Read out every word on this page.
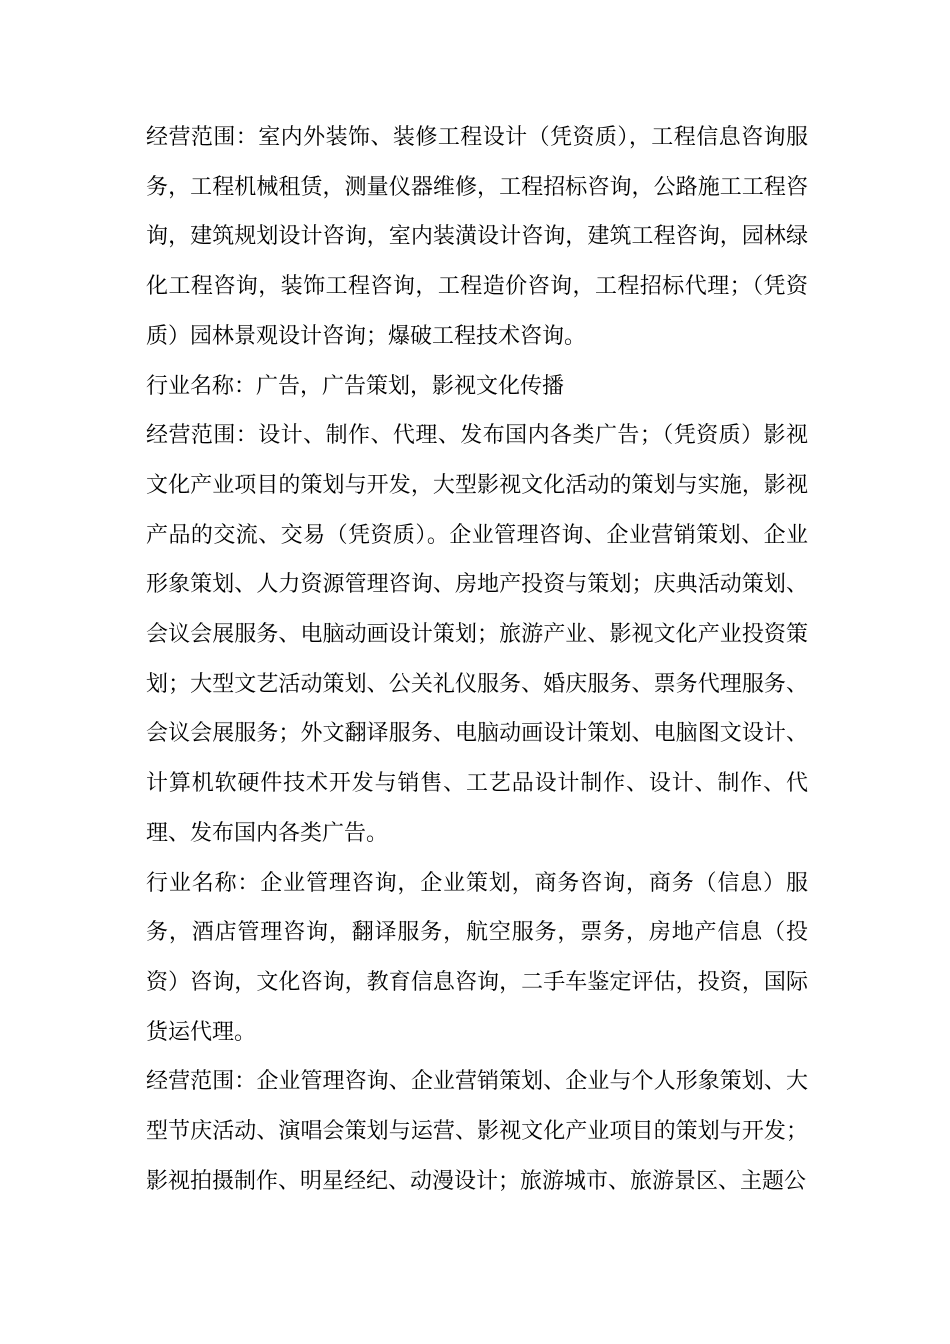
经营范围：室内外装饰、装修工程设计（凭资质），工程信息咨询服务，工程机械租赁，测量仪器维修，工程招标咨询，公路施工工程咨询，建筑规划设计咨询，室内装潢设计咨询，建筑工程咨询，园林绿化工程咨询，装饰工程咨询，工程造价咨询，工程招标代理；（凭资质）园林景观设计咨询；爆破工程技术咨询。

行业名称：广告，广告策划，影视文化传播

经营范围：设计、制作、代理、发布国内各类广告；（凭资质）影视文化产业项目的策划与开发，大型影视文化活动的策划与实施，影视产品的交流、交易（凭资质）。企业管理咨询、企业营销策划、企业形象策划、人力资源管理咨询、房地产投资与策划；庆典活动策划、会议会展服务、电脑动画设计策划；旅游产业、影视文化产业投资策划；大型文艺活动策划、公关礼仪服务、婚庆服务、票务代理服务、会议会展服务；外文翻译服务、电脑动画设计策划、电脑图文设计、计算机软硬件技术开发与销售、工艺品设计制作、设计、制作、代理、发布国内各类广告。

行业名称：企业管理咨询，企业策划，商务咨询，商务（信息）服务，酒店管理咨询，翻译服务，航空服务，票务，房地产信息（投资）咨询，文化咨询，教育信息咨询，二手车鉴定评估，投资，国际货运代理。

经营范围：企业管理咨询、企业营销策划、企业与个人形象策划、大型节庆活动、演唱会策划与运营、影视文化产业项目的策划与开发；影视拍摄制作、明星经纪、动漫设计；旅游城市、旅游景区、主题公
